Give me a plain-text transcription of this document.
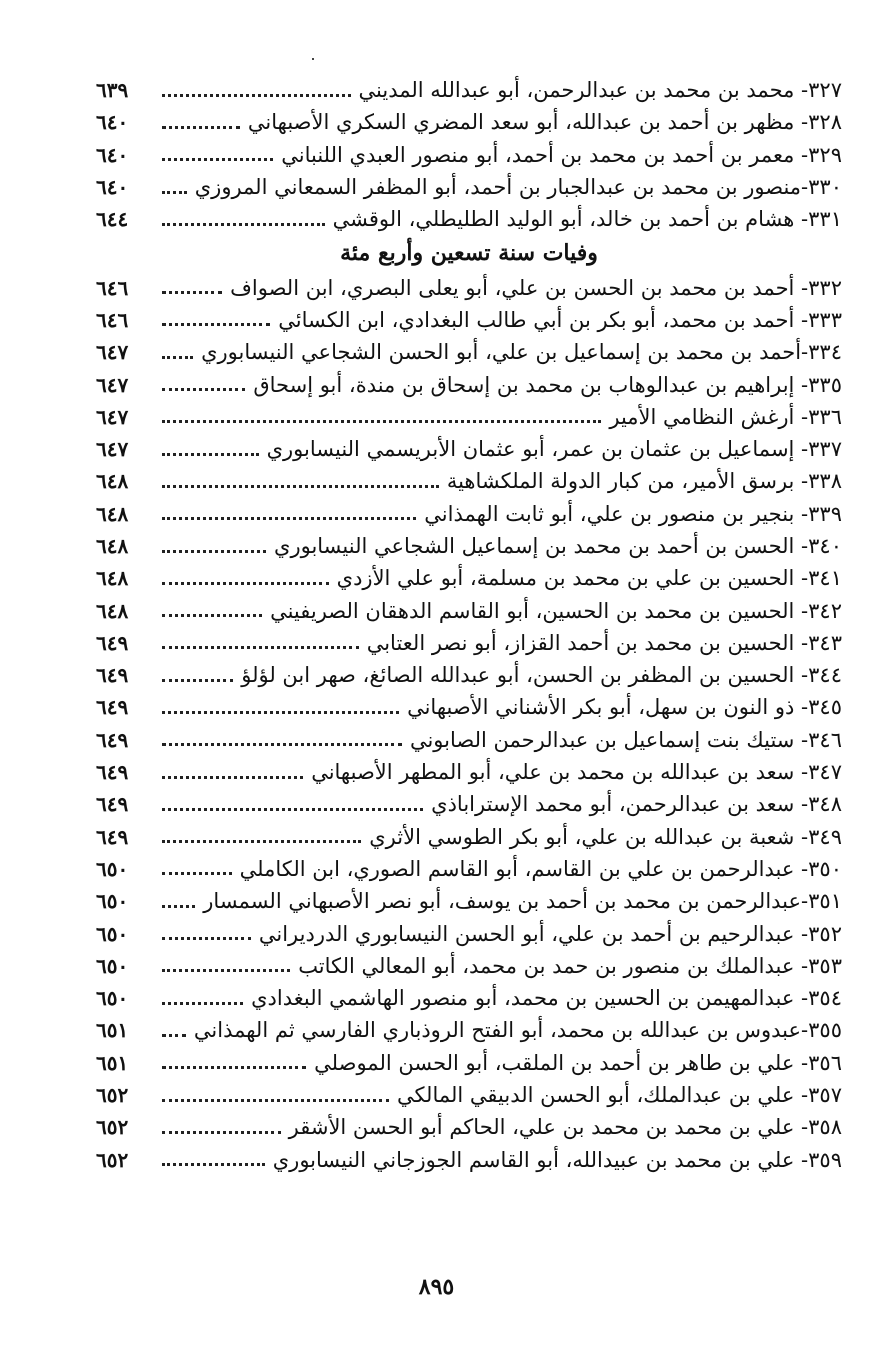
٦٣٩	٣٢٧- محمد بن محمد بن عبدالرحمن، أبو عبدالله المديني
٦٤٠	٣٢٨- مظهر بن أحمد بن عبدالله، أبو سعد المضري السكري الأصبهاني
٦٤٠	٣٢٩- معمر بن أحمد بن محمد بن أحمد، أبو منصور العبدي اللنباني
٦٤٠	٣٣٠-منصور بن محمد بن عبدالجبار بن أحمد، أبو المظفر السمعاني المروزي
٦٤٤	٣٣١- هشام بن أحمد بن خالد، أبو الوليد الطليطلي، الوقشي
وفيات سنة تسعين وأربع مئة
٦٤٦	٣٣٢- أحمد بن محمد بن الحسن بن علي، أبو يعلى البصري، ابن الصواف
٦٤٦	٣٣٣- أحمد بن محمد، أبو بكر بن أبي طالب البغدادي، ابن الكسائي
٦٤٧	٣٣٤-أحمد بن محمد بن إسماعيل بن علي، أبو الحسن الشجاعي النيسابوري
٦٤٧	٣٣٥- إبراهيم بن عبدالوهاب بن محمد بن إسحاق بن مندة، أبو إسحاق
٦٤٧	٣٣٦- أرغش النظامي الأمير
٦٤٧	٣٣٧- إسماعيل بن عثمان بن عمر، أبو عثمان الأبريسمي النيسابوري
٦٤٨	٣٣٨- برسق الأمير، من كبار الدولة الملكشاهية
٦٤٨	٣٣٩- بنجير بن منصور بن علي، أبو ثابت الهمذاني
٦٤٨	٣٤٠- الحسن بن أحمد بن محمد بن إسماعيل الشجاعي النيسابوري
٦٤٨	٣٤١- الحسين بن علي بن محمد بن مسلمة، أبو علي الأزدي
٦٤٨	٣٤٢- الحسين بن محمد بن الحسين، أبو القاسم الدهقان الصريفيني
٦٤٩	٣٤٣- الحسين بن محمد بن أحمد القزاز، أبو نصر العتابي
٦٤٩	٣٤٤- الحسين بن المظفر بن الحسن، أبو عبدالله الصائغ، صهر ابن لؤلؤ
٦٤٩	٣٤٥- ذو النون بن سهل، أبو بكر الأشناني الأصبهاني
٦٤٩	٣٤٦- ستيك بنت إسماعيل بن عبدالرحمن الصابوني
٦٤٩	٣٤٧- سعد بن عبدالله بن محمد بن علي، أبو المطهر الأصبهاني
٦٤٩	٣٤٨- سعد بن عبدالرحمن، أبو محمد الإستراباذي
٦٤٩	٣٤٩- شعبة بن عبدالله بن علي، أبو بكر الطوسي الأثري
٦٥٠	٣٥٠- عبدالرحمن بن علي بن القاسم، أبو القاسم الصوري، ابن الكاملي
٦٥٠	٣٥١-عبدالرحمن بن محمد بن أحمد بن يوسف، أبو نصر الأصبهاني السمسار
٦٥٠	٣٥٢- عبدالرحيم بن أحمد بن علي، أبو الحسن النيسابوري الدرديراني
٦٥٠	٣٥٣- عبدالملك بن منصور بن حمد بن محمد، أبو المعالي الكاتب
٦٥٠	٣٥٤- عبدالمهيمن بن الحسين بن محمد، أبو منصور الهاشمي البغدادي
٦٥١	٣٥٥-عبدوس بن عبدالله بن محمد، أبو الفتح الروذباري الفارسي ثم الهمذاني
٦٥١	٣٥٦- علي بن طاهر بن أحمد بن الملقب، أبو الحسن الموصلي
٦٥٢	٣٥٧- علي بن عبدالملك، أبو الحسن الدبيقي المالكي
٦٥٢	٣٥٨- علي بن محمد بن محمد بن علي، الحاكم أبو الحسن الأشقر
٦٥٢	٣٥٩- علي بن محمد بن عبيدالله، أبو القاسم الجوزجاني النيسابوري
٨٩٥
